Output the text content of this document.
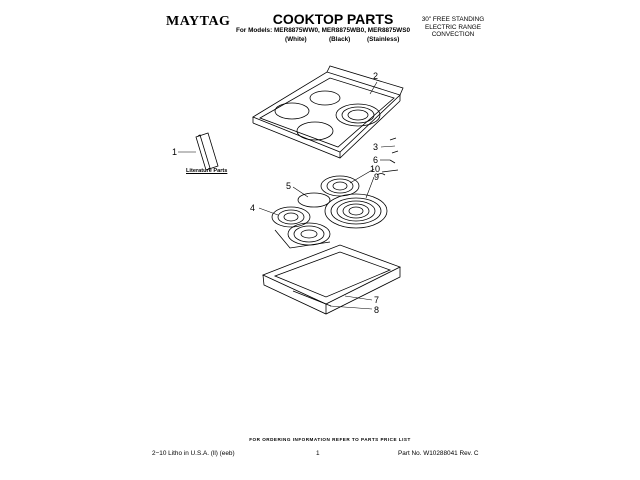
MAYTAG	COOKTOP PARTS
For Models: MER8875WW0, MER8875WB0, MER8875WS0
(White)	(Black)	(Stainless)
30" FREE STANDING
ELECTRIC RANGE
CONVECTION
1
2
3
4
5
6
7
8
9
10
Literature Parts
FOR ORDERING INFORMATION REFER TO PARTS PRICE LIST
2−10 Litho in U.S.A. (ll) (eeb)	1	Part No. W10288041 Rev. C
